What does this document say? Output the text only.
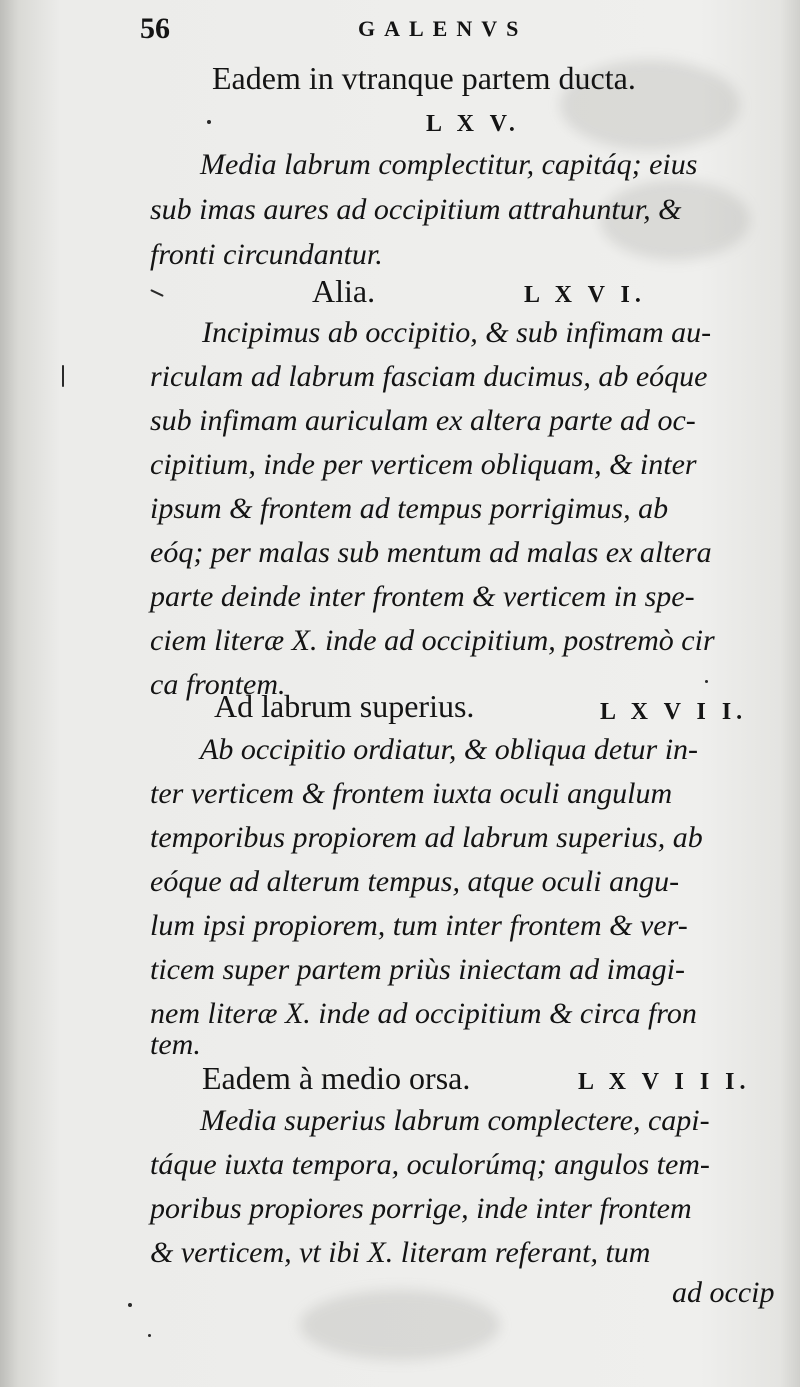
56	GALENVS
Eadem in vtranque partem ducta.
L X V.
Media labrum complectitur, capitáq; eius
sub imas aures ad occipitium attrahuntur, &
fronti circundantur.
Alia.	L X V I.
Incipimus ab occipitio, & sub infimam au-
riculam ad labrum fasciam ducimus, ab eóque
sub infimam auriculam ex altera parte ad oc-
cipitium, inde per verticem obliquam, & inter
ipsum & frontem ad tempus porrigimus, ab
eóq; per malas sub mentum ad malas ex altera
parte deinde inter frontem & verticem in spe-
ciem literæ X. inde ad occipitium, postremò cir
ca frontem.
Ad labrum superius.	L X V I I.
Ab occipitio ordiatur, & obliqua detur in-
ter verticem & frontem iuxta oculi angulum
temporibus propiorem ad labrum superius, ab
eóque ad alterum tempus, atque oculi angu-
lum ipsi propiorem, tum inter frontem & ver-
ticem super partem priùs iniectam ad imagi-
nem literæ X. inde ad occipitium & circa fron
tem.
Eadem à medio orsa.	L X V I I I.
Media superius labrum complectere, capi-
táque iuxta tempora, oculorúmq; angulos tem-
poribus propiores porrige, inde inter frontem
& verticem, vt ibi X. literam referant, tum
ad occip
